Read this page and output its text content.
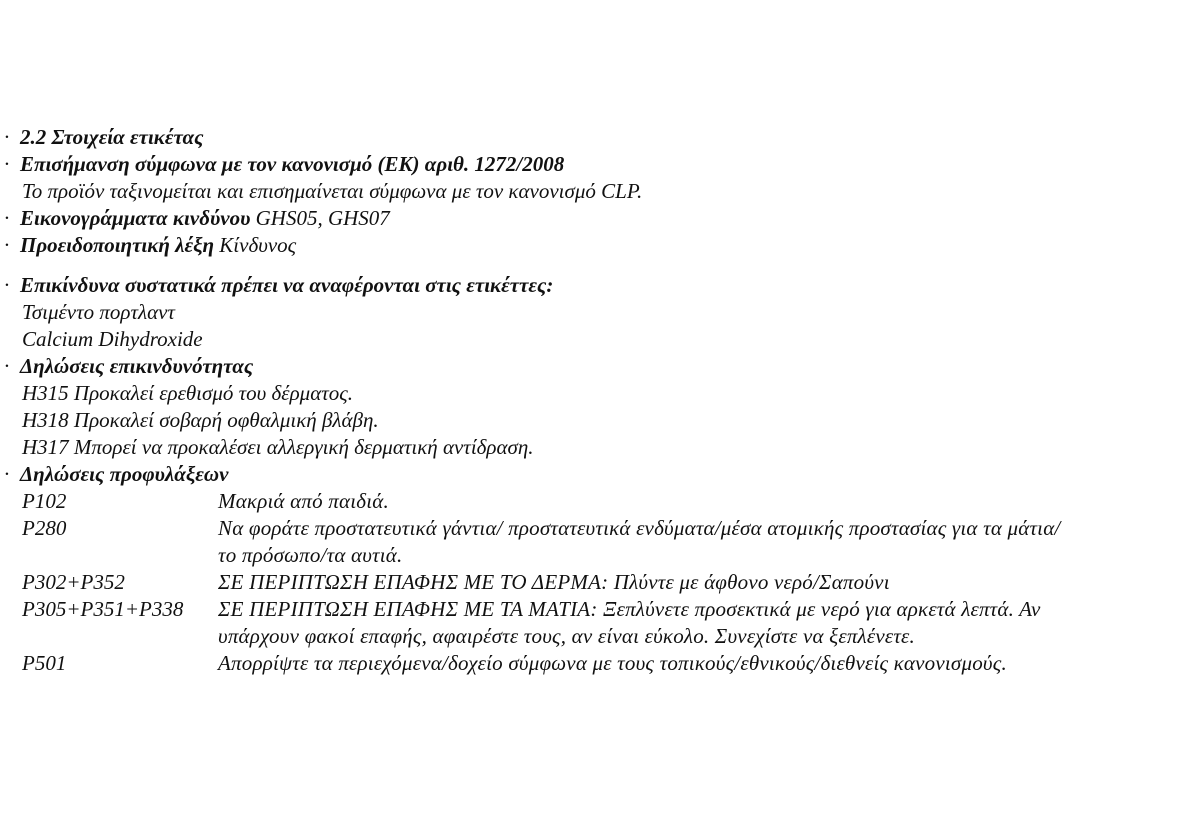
· 2.2 Στοιχεία ετικέτας
· Επισήμανση σύμφωνα με τον κανονισμό (ΕΚ) αριθ. 1272/2008
Το προϊόν ταξινομείται και επισημαίνεται σύμφωνα με τον κανονισμό CLP.
· Εικονογράμματα κινδύνου GHS05, GHS07
· Προειδοποιητική λέξη Κίνδυνος
· Επικίνδυνα συστατικά πρέπει να αναφέρονται στις ετικέττες:
Τσιμέντο πορτλαντ
Calcium Dihydroxide
· Δηλώσεις επικινδυνότητας
H315 Προκαλεί ερεθισμό του δέρματος.
H318 Προκαλεί σοβαρή οφθαλμική βλάβη.
H317 Μπορεί να προκαλέσει αλλεργική δερματική αντίδραση.
· Δηλώσεις προφυλάξεων
P102	Μακριά από παιδιά.
P280	Να φοράτε προστατευτικά γάντια/ προστατευτικά ενδύματα/μέσα ατομικής προστασίας για τα μάτια/
το πρόσωπο/τα αυτιά.
P302+P352	ΣΕ ΠΕΡΙΠΤΩΣΗ ΕΠΑΦΗΣ ΜΕ ΤΟ ΔΕΡΜΑ: Πλύντε με άφθονο νερό/Σαπούνι
P305+P351+P338 ΣΕ ΠΕΡΙΠΤΩΣΗ ΕΠΑΦΗΣ ΜΕ ΤΑ ΜΑΤΙΑ: Ξεπλύνετε προσεκτικά με νερό για αρκετά λεπτά. Αν
υπάρχουν φακοί επαφής, αφαιρέστε τους, αν είναι εύκολο. Συνεχίστε να ξεπλένετε.
P501	Απορρίψτε τα περιεχόμενα/δοχείο σύμφωνα με τους τοπικούς/εθνικούς/διεθνείς κανονισμούς.
